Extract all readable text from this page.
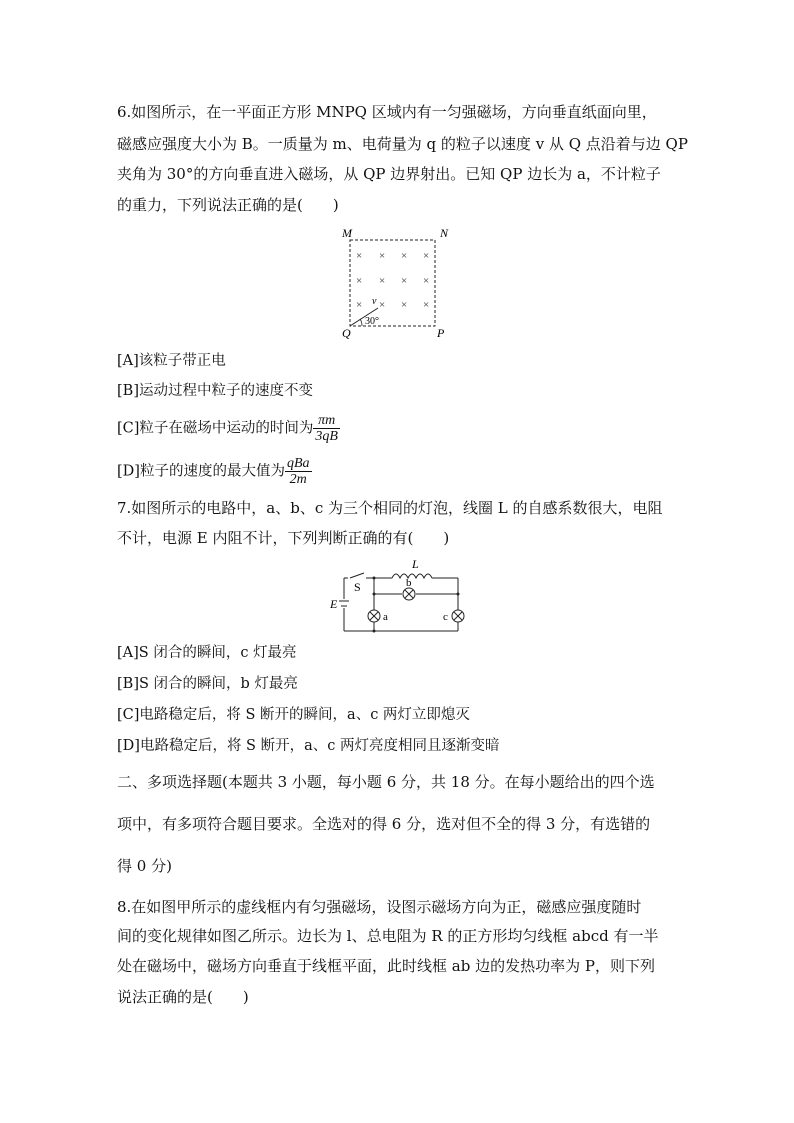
6.如图所示，在一平面正方形 MNPQ 区域内有一匀强磁场，方向垂直纸面向里，
磁感应强度大小为 B。一质量为 m、电荷量为 q 的粒子以速度 v 从 Q 点沿着与边 QP
夹角为 30°的方向垂直进入磁场，从 QP 边界射出。已知 QP 边长为 a，不计粒子
的重力，下列说法正确的是(　　)
M	N
Q	P
× × × ×
× × × ×
× × × ×
v
30°
[A]该粒子带正电
[B]运动过程中粒子的速度不变
[C]粒子在磁场中运动的时间为 $\frac{\pi m}{3qB}$
[D]粒子的速度的最大值为 $\frac{\text{qBa}}{2m}$
7.如图所示的电路中，a、b、c 为三个相同的灯泡，线圈 L 的自感系数很大，电阻
不计，电源 E 内阻不计，下列判断正确的有(　　)
L
S
E
b
a	c
[A]S 闭合的瞬间，c 灯最亮
[B]S 闭合的瞬间，b 灯最亮
[C]电路稳定后，将 S 断开的瞬间，a、c 两灯立即熄灭
[D]电路稳定后，将 S 断开，a、c 两灯亮度相同且逐渐变暗
二、多项选择题(本题共 3 小题，每小题 6 分，共 18 分。在每小题给出的四个选
项中，有多项符合题目要求。全选对的得 6 分，选对但不全的得 3 分，有选错的
得 0 分)
8.在如图甲所示的虚线框内有匀强磁场，设图示磁场方向为正，磁感应强度随时
间的变化规律如图乙所示。边长为 l、总电阻为 R 的正方形均匀线框 abcd 有一半
处在磁场中，磁场方向垂直于线框平面，此时线框 ab 边的发热功率为 P，则下列
说法正确的是(　　)
